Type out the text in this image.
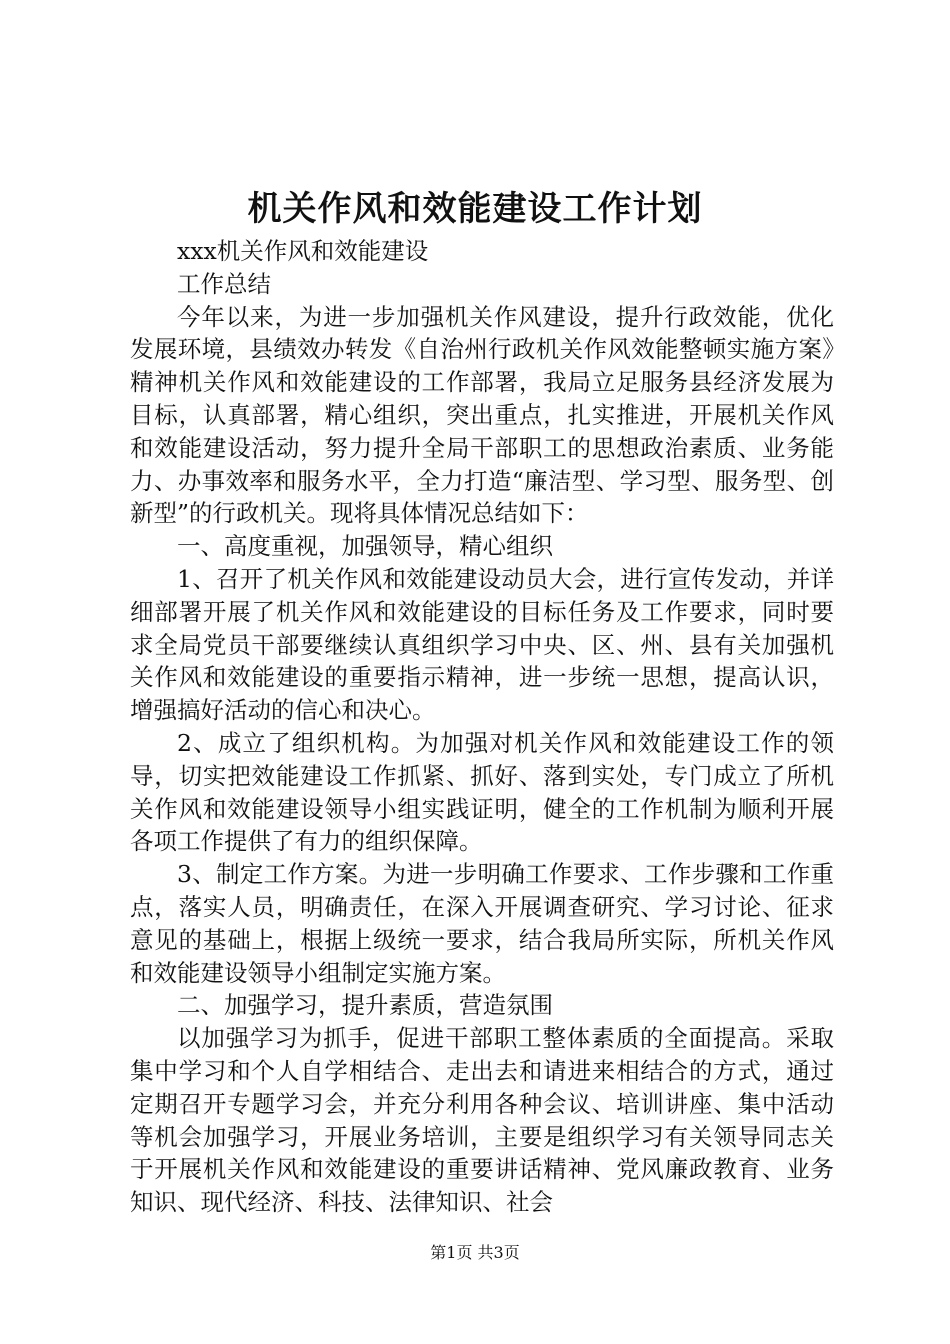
机关作风和效能建设工作计划

xxx机关作风和效能建设

工作总结

今年以来，为进一步加强机关作风建设，提升行政效能，优化发展环境，县绩效办转发《自治州行政机关作风效能整顿实施方案》精神机关作风和效能建设的工作部署，我局立足服务县经济发展为目标，认真部署，精心组织，突出重点，扎实推进，开展机关作风和效能建设活动，努力提升全局干部职工的思想政治素质、业务能力、办事效率和服务水平，全力打造“廉洁型、学习型、服务型、创新型”的行政机关。现将具体情况总结如下：

一、高度重视，加强领导，精心组织

1、召开了机关作风和效能建设动员大会，进行宣传发动，并详细部署开展了机关作风和效能建设的目标任务及工作要求，同时要求全局党员干部要继续认真组织学习中央、区、州、县有关加强机关作风和效能建设的重要指示精神，进一步统一思想，提高认识，增强搞好活动的信心和决心。

2、成立了组织机构。为加强对机关作风和效能建设工作的领导，切实把效能建设工作抓紧、抓好、落到实处，专门成立了所机关作风和效能建设领导小组实践证明，健全的工作机制为顺利开展各项工作提供了有力的组织保障。

3、制定工作方案。为进一步明确工作要求、工作步骤和工作重点，落实人员，明确责任，在深入开展调查研究、学习讨论、征求意见的基础上，根据上级统一要求，结合我局所实际，所机关作风和效能建设领导小组制定实施方案。

二、加强学习，提升素质，营造氛围

以加强学习为抓手，促进干部职工整体素质的全面提高。采取集中学习和个人自学相结合、走出去和请进来相结合的方式，通过定期召开专题学习会，并充分利用各种会议、培训讲座、集中活动等机会加强学习，开展业务培训，主要是组织学习有关领导同志关于开展机关作风和效能建设的重要讲话精神、党风廉政教育、业务知识、现代经济、科技、法律知识、社会

第1页 共3页
